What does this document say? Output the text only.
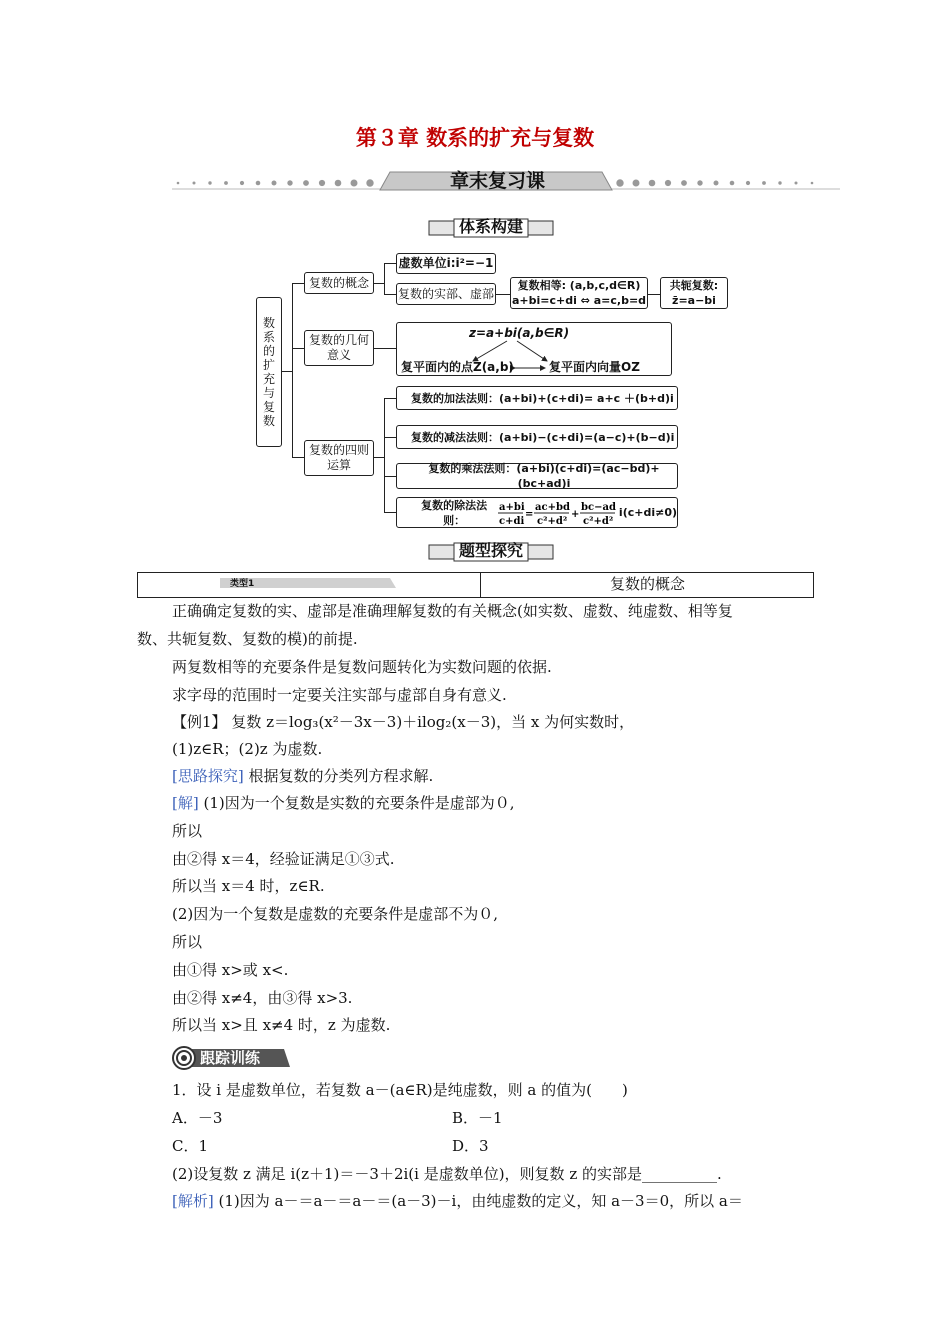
第３章 数系的扩充与复数
章末复习课
体系构建
数系的扩充与复数
复数的概念
复数的几何意义
复数的四则运算
虚数单位i:i²=−1
复数的实部、虚部
复数相等: (a,b,c,d∈R)
a+bi=c+di ⇔ a=c,b=d
共轭复数:
z̄=a−bi
z=a+bi(a,b∈R)
复平面内的点Z(a,b)	复平面内向量OZ
复数的加法法则：(a+bi)+(c+di)= a+c ＋(b+d)i
复数的减法法则：(a+bi)−(c+di)=(a−c)+(b−d)i
复数的乘法法则：(a+bi)(c+di)=(ac−bd)+(bc+ad)i
复数的除法法则：
a+bi
c+di
=
ac+bd
c²+d²
+
bc−ad
c²+d²
i(c+di≠0)
题型探究
类型1	复数的概念
正确确定复数的实、虚部是准确理解复数的有关概念(如实数、虚数、纯虚数、相等复
数、共轭复数、复数的模)的前提.
两复数相等的充要条件是复数问题转化为实数问题的依据.
求字母的范围时一定要关注实部与虚部自身有意义.
【例1】 复数 z＝log₃(x²－3x－3)＋ilog₂(x－3)，当 x 为何实数时，
(1)z∈R；(2)z 为虚数.
[思路探究] 根据复数的分类列方程求解.
[解] (1)因为一个复数是实数的充要条件是虚部为０,
所以
由②得 x＝4，经验证满足①③式.
所以当 x＝4 时，z∈R.
(2)因为一个复数是虚数的充要条件是虚部不为０,
所以
由①得 x>或 x<.
由②得 x≠4，由③得 x>3.
所以当 x>且 x≠4 时，z 为虚数.
跟踪训练
1．设 i 是虚数单位，若复数 a－(a∈R)是纯虚数，则 a 的值为(　　)
A．－3	B．－1
C．1	D．3
(2)设复数 z 满足 i(z＋1)＝－3＋2i(i 是虚数单位)，则复数 z 的实部是__________.
[解析] (1)因为 a－＝a－＝a－＝(a－3)－i，由纯虚数的定义，知 a－3＝0，所以 a＝
